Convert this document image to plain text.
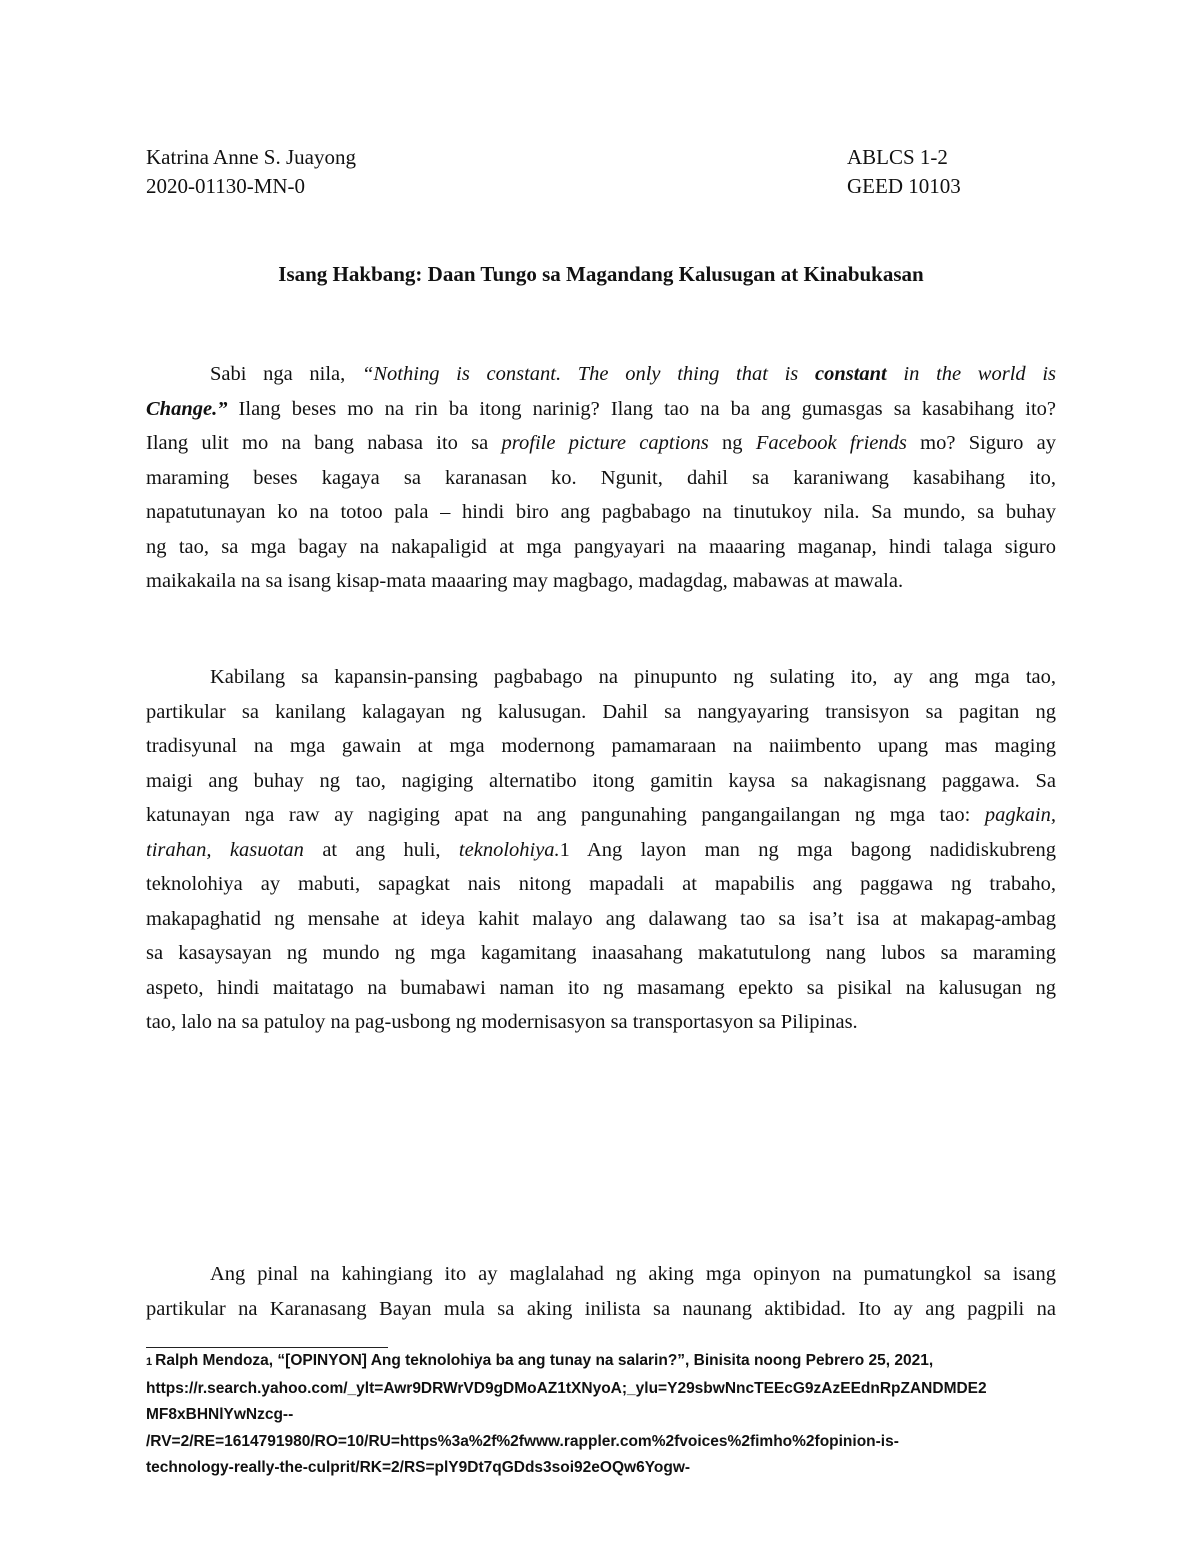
Katrina Anne S. Juayong
2020-01130-MN-0
ABLCS 1-2
GEED 10103
Isang Hakbang: Daan Tungo sa Magandang Kalusugan at Kinabukasan
Sabi nga nila, “Nothing is constant. The only thing that is constant in the world is
Change.” Ilang beses mo na rin ba itong narinig? Ilang tao na ba ang gumasgas sa kasabihang ito?
Ilang ulit mo na bang nabasa ito sa profile picture captions ng Facebook friends mo? Siguro ay
maraming beses kagaya sa karanasan ko. Ngunit, dahil sa karaniwang kasabihang ito,
napatutunayan ko na totoo pala – hindi biro ang pagbabago na tinutukoy nila. Sa mundo, sa buhay
ng tao, sa mga bagay na nakapaligid at mga pangyayari na maaaring maganap, hindi talaga siguro
maikakaila na sa isang kisap-mata maaaring may magbago, madagdag, mabawas at mawala.
Kabilang sa kapansin-pansing pagbabago na pinupunto ng sulating ito, ay ang mga tao,
partikular sa kanilang kalagayan ng kalusugan. Dahil sa nangyayaring transisyon sa pagitan ng
tradisyunal na mga gawain at mga modernong pamamaraan na naiimbento upang mas maging
maigi ang buhay ng tao, nagiging alternatibo itong gamitin kaysa sa nakagisnang paggawa. Sa
katunayan nga raw ay nagiging apat na ang pangunahing pangangailangan ng mga tao: pagkain,
tirahan, kasuotan at ang huli, teknolohiya.1 Ang layon man ng mga bagong nadidiskubreng
teknolohiya ay mabuti, sapagkat nais nitong mapadali at mapabilis ang paggawa ng trabaho,
makapaghatid ng mensahe at ideya kahit malayo ang dalawang tao sa isa’t isa at makapag-ambag
sa kasaysayan ng mundo ng mga kagamitang inaasahang makatutulong nang lubos sa maraming
aspeto, hindi maitatago na bumabawi naman ito ng masamang epekto sa pisikal na kalusugan ng
tao, lalo na sa patuloy na pag-usbong ng modernisasyon sa transportasyon sa Pilipinas.
Ang pinal na kahingiang ito ay maglalahad ng aking mga opinyon na pumatungkol sa isang
partikular na Karanasang Bayan mula sa aking inilista sa naunang aktibidad. Ito ay ang pagpili na
1 Ralph Mendoza, “[OPINYON] Ang teknolohiya ba ang tunay na salarin?”, Binisita noong Pebrero 25, 2021,
https://r.search.yahoo.com/_ylt=Awr9DRWrVD9gDMoAZ1tXNyoA;_ylu=Y29sbwNncTEEcG9zAzEEdnRpZANDMDE2
MF8xBHNlYwNzcg--
/RV=2/RE=1614791980/RO=10/RU=https%3a%2f%2fwww.rappler.com%2fvoices%2fimho%2fopinion-is-
technology-really-the-culprit/RK=2/RS=plY9Dt7qGDds3soi92eOQw6Yogw-
